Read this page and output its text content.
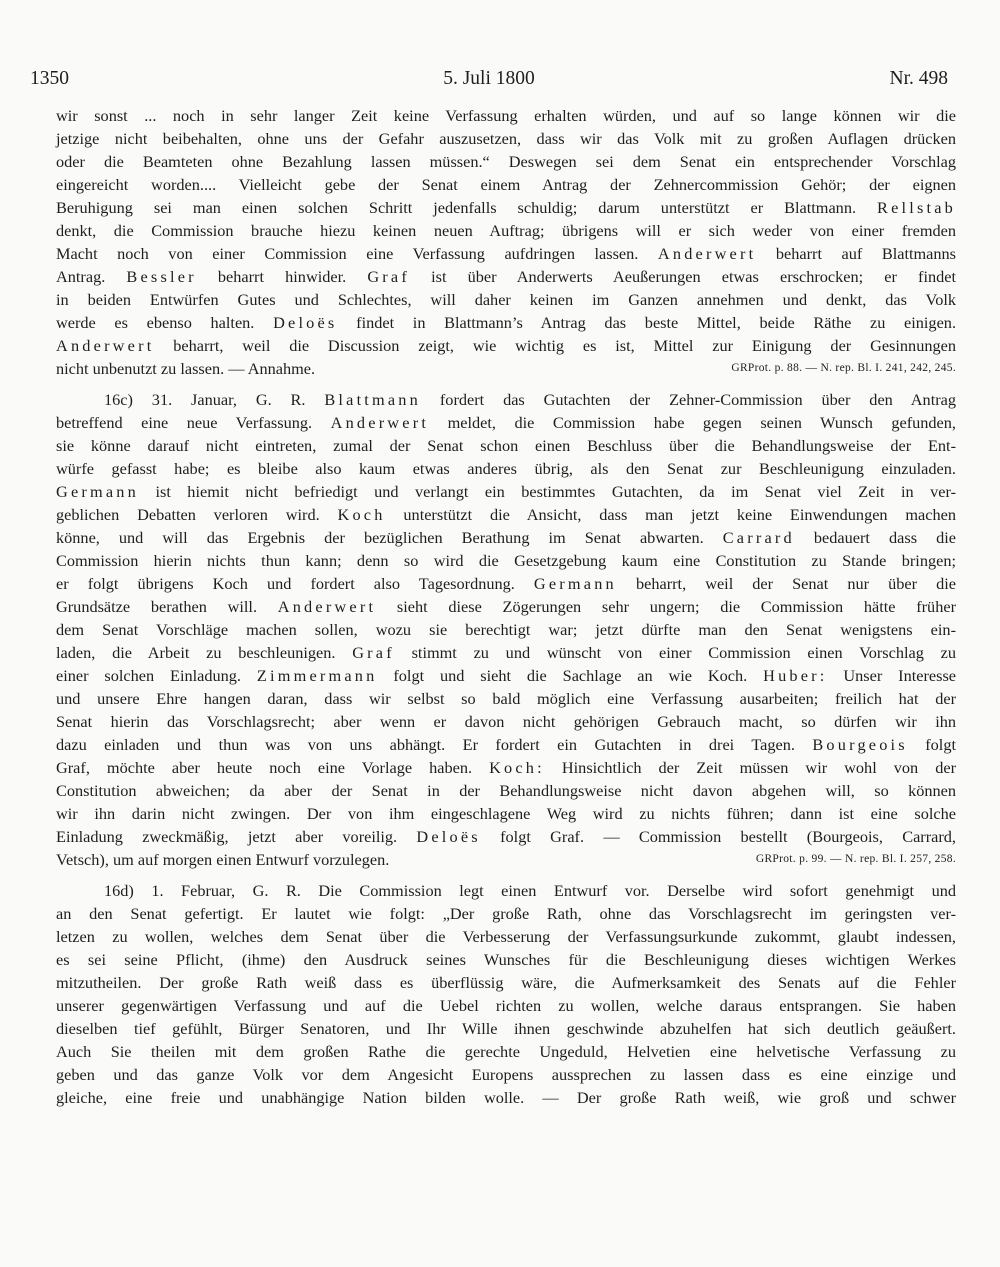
1350	5. Juli 1800	Nr. 498
wir sonst ... noch in sehr langer Zeit keine Verfassung erhalten würden, und auf so lange können wir die
jetzige nicht beibehalten, ohne uns der Gefahr auszusetzen, dass wir das Volk mit zu großen Auflagen drücken
oder die Beamteten ohne Bezahlung lassen müssen.“ Deswegen sei dem Senat ein entsprechender Vorschlag
eingereicht worden.... Vielleicht gebe der Senat einem Antrag der Zehnercommission Gehör; der eignen
Beruhigung sei man einen solchen Schritt jedenfalls schuldig; darum unterstützt er Blattmann. Rellstab
denkt, die Commission brauche hiezu keinen neuen Auftrag; übrigens will er sich weder von einer fremden
Macht noch von einer Commission eine Verfassung aufdringen lassen. Anderwert beharrt auf Blattmanns
Antrag. Bessler beharrt hinwider. Graf ist über Anderwerts Aeußerungen etwas erschrocken; er findet
in beiden Entwürfen Gutes und Schlechtes, will daher keinen im Ganzen annehmen und denkt, das Volk
werde es ebenso halten. Deloës findet in Blattmann’s Antrag das beste Mittel, beide Räthe zu einigen.
Anderwert beharrt, weil die Discussion zeigt, wie wichtig es ist, Mittel zur Einigung der Gesinnungen
nicht unbenutzt zu lassen. — Annahme.	GRProt. p. 88. — N. rep. Bl. I. 241, 242, 245.
16c) 31. Januar, G. R. Blattmann fordert das Gutachten der Zehner-Commission über den Antrag
betreffend eine neue Verfassung. Anderwert meldet, die Commission habe gegen seinen Wunsch gefunden,
sie könne darauf nicht eintreten, zumal der Senat schon einen Beschluss über die Behandlungsweise der Ent-
würfe gefasst habe; es bleibe also kaum etwas anderes übrig, als den Senat zur Beschleunigung einzuladen.
Germann ist hiemit nicht befriedigt und verlangt ein bestimmtes Gutachten, da im Senat viel Zeit in ver-
geblichen Debatten verloren wird. Koch unterstützt die Ansicht, dass man jetzt keine Einwendungen machen
könne, und will das Ergebnis der bezüglichen Berathung im Senat abwarten. Carrard bedauert dass die
Commission hierin nichts thun kann; denn so wird die Gesetzgebung kaum eine Constitution zu Stande bringen;
er folgt übrigens Koch und fordert also Tagesordnung. Germann beharrt, weil der Senat nur über die
Grundsätze berathen will. Anderwert sieht diese Zögerungen sehr ungern; die Commission hätte früher
dem Senat Vorschläge machen sollen, wozu sie berechtigt war; jetzt dürfte man den Senat wenigstens ein-
laden, die Arbeit zu beschleunigen. Graf stimmt zu und wünscht von einer Commission einen Vorschlag zu
einer solchen Einladung. Zimmermann folgt und sieht die Sachlage an wie Koch. Huber: Unser Interesse
und unsere Ehre hangen daran, dass wir selbst so bald möglich eine Verfassung ausarbeiten; freilich hat der
Senat hierin das Vorschlagsrecht; aber wenn er davon nicht gehörigen Gebrauch macht, so dürfen wir ihn
dazu einladen und thun was von uns abhängt. Er fordert ein Gutachten in drei Tagen. Bourgeois folgt
Graf, möchte aber heute noch eine Vorlage haben. Koch: Hinsichtlich der Zeit müssen wir wohl von der
Constitution abweichen; da aber der Senat in der Behandlungsweise nicht davon abgehen will, so können
wir ihn darin nicht zwingen. Der von ihm eingeschlagene Weg wird zu nichts führen; dann ist eine solche
Einladung zweckmäßig, jetzt aber voreilig. Deloës folgt Graf. — Commission bestellt (Bourgeois, Carrard,
Vetsch), um auf morgen einen Entwurf vorzulegen.	GRProt. p. 99. — N. rep. Bl. I. 257, 258.
16d) 1. Februar, G. R. Die Commission legt einen Entwurf vor. Derselbe wird sofort genehmigt und
an den Senat gefertigt. Er lautet wie folgt: „Der große Rath, ohne das Vorschlagsrecht im geringsten ver-
letzen zu wollen, welches dem Senat über die Verbesserung der Verfassungsurkunde zukommt, glaubt indessen,
es sei seine Pflicht, (ihme) den Ausdruck seines Wunsches für die Beschleunigung dieses wichtigen Werkes
mitzutheilen. Der große Rath weiß dass es überflüssig wäre, die Aufmerksamkeit des Senats auf die Fehler
unserer gegenwärtigen Verfassung und auf die Uebel richten zu wollen, welche daraus entsprangen. Sie haben
dieselben tief gefühlt, Bürger Senatoren, und Ihr Wille ihnen geschwinde abzuhelfen hat sich deutlich geäußert.
Auch Sie theilen mit dem großen Rathe die gerechte Ungeduld, Helvetien eine helvetische Verfassung zu
geben und das ganze Volk vor dem Angesicht Europens aussprechen zu lassen dass es eine einzige und
gleiche, eine freie und unabhängige Nation bilden wolle. — Der große Rath weiß, wie groß und schwer
